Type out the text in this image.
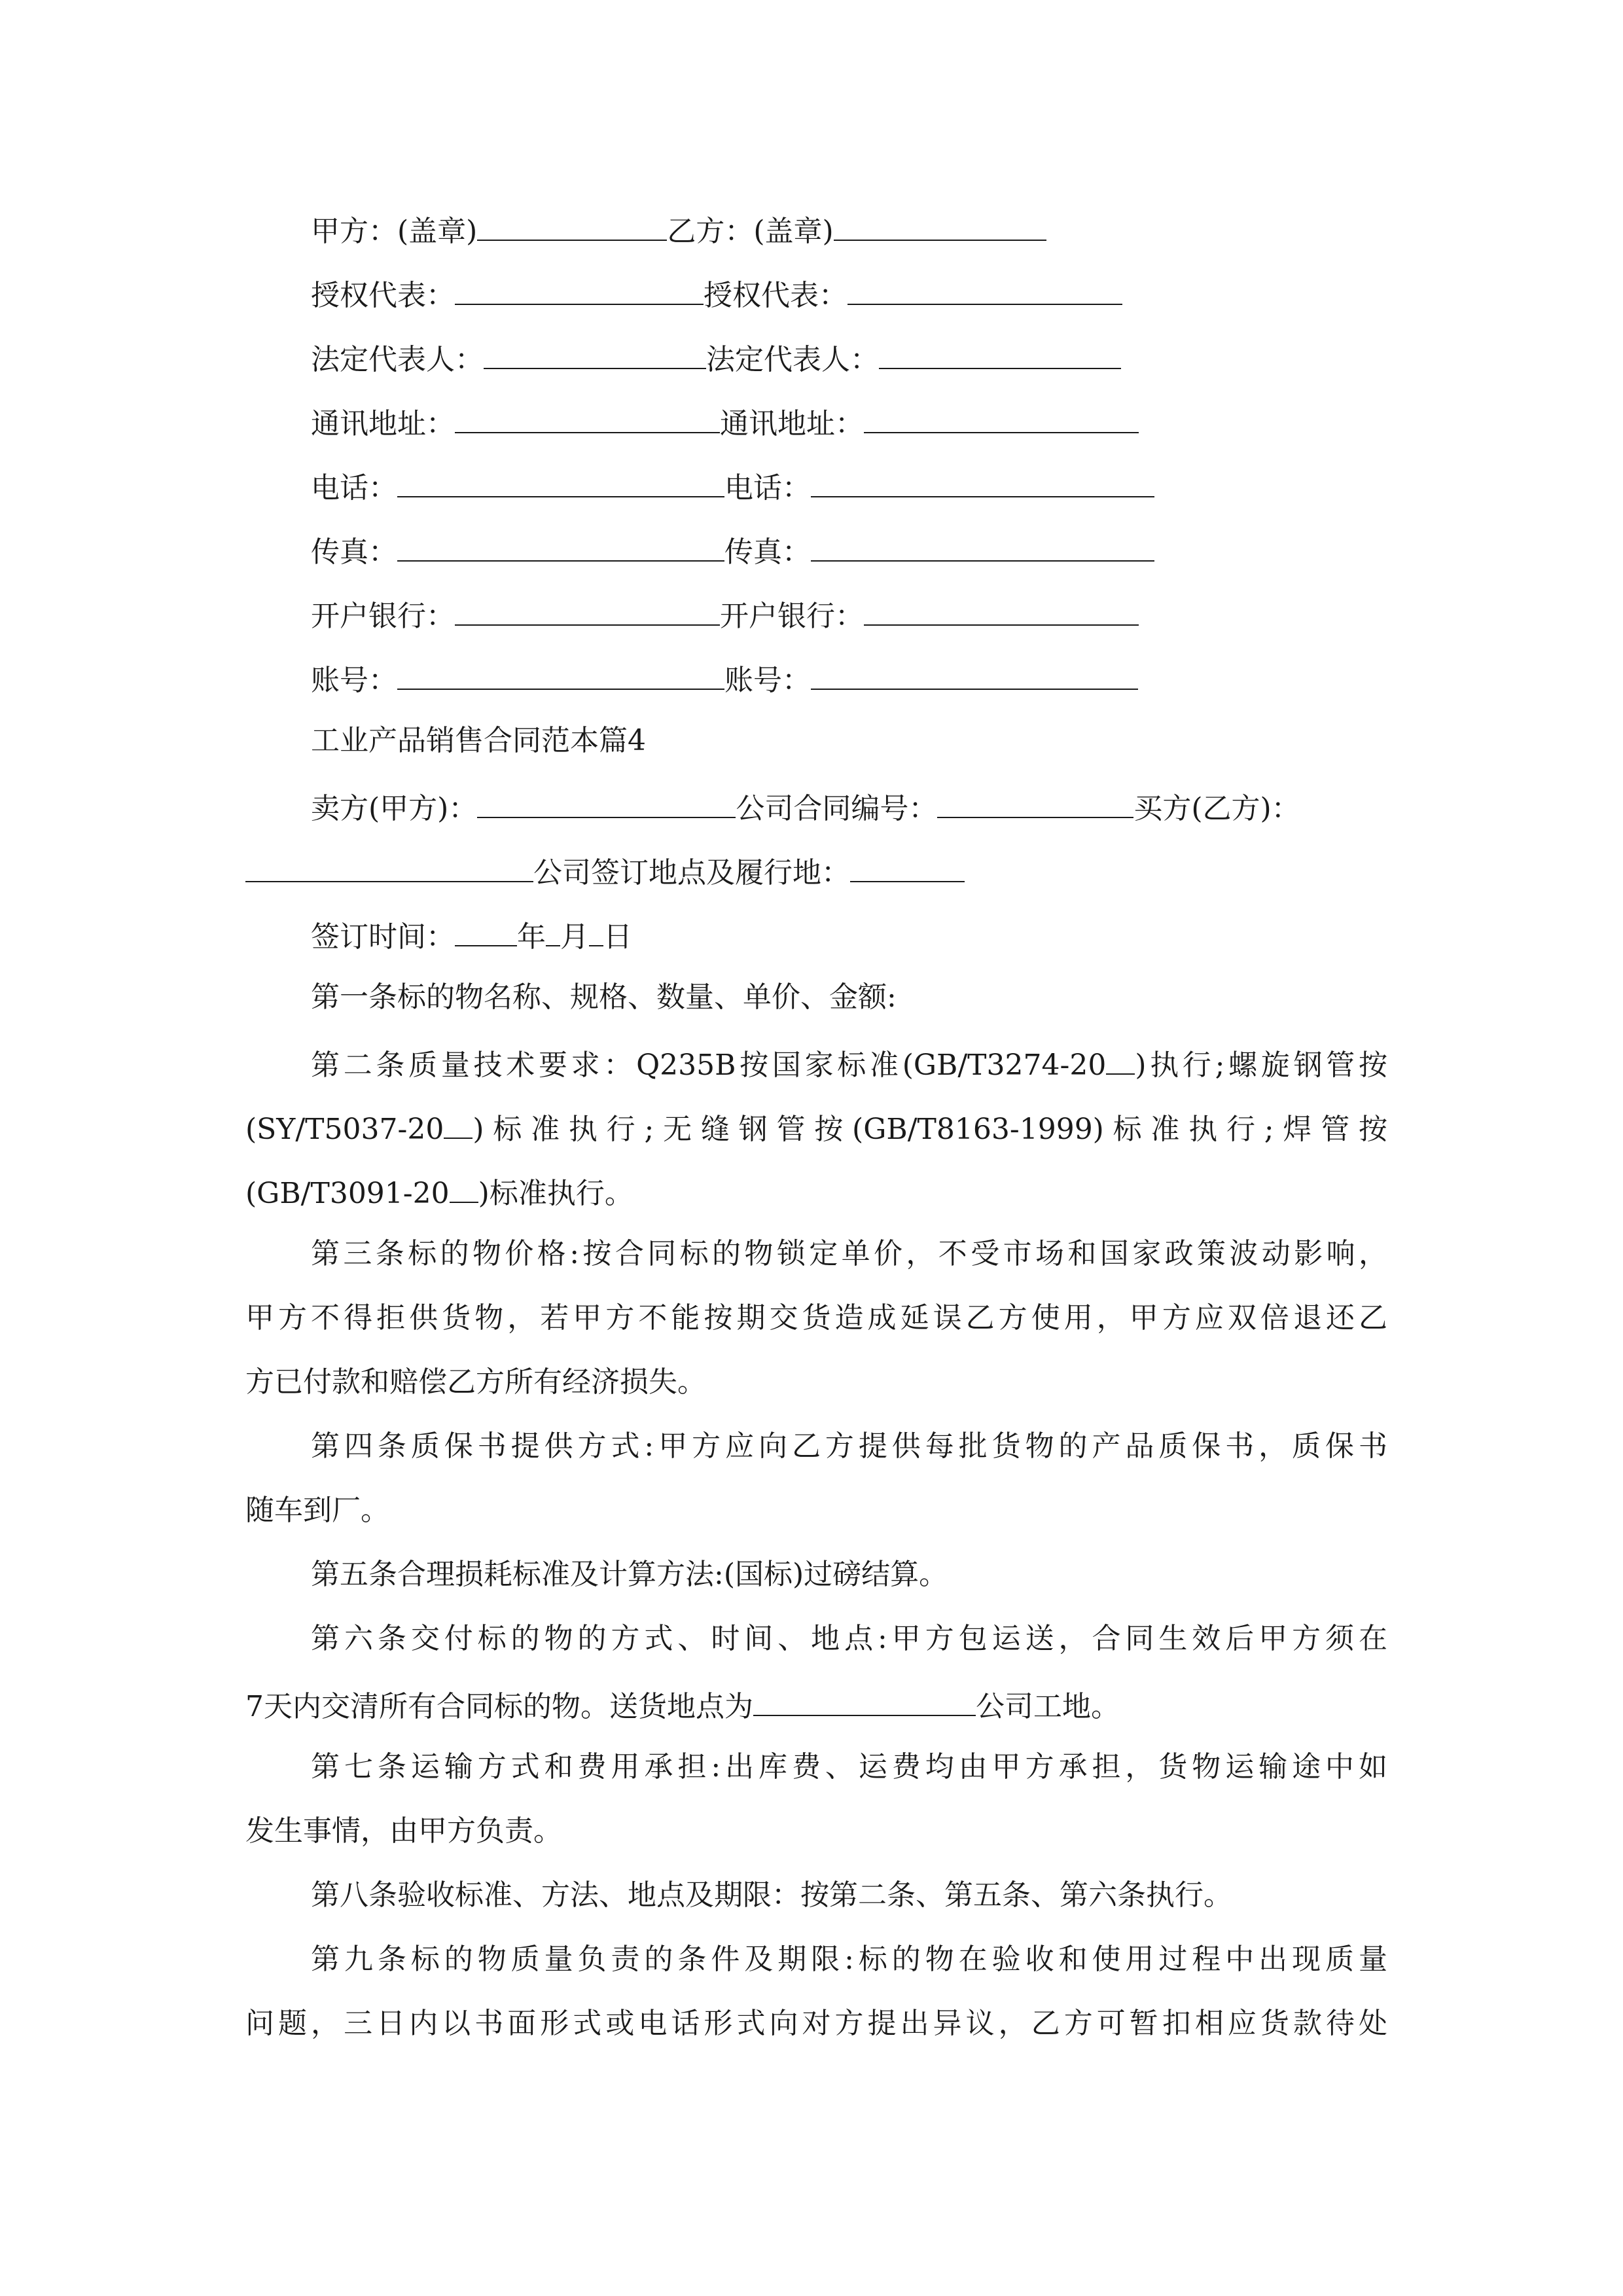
甲方：(盖章)	乙方：(盖章)
授权代表：	授权代表：
法定代表人：	法定代表人：
通讯地址：	通讯地址：
电话：	电话：
传真：	传真：
开户银行：	开户银行：
账号：	账号：
工业产品销售合同范本篇4
卖方(甲方)：	公司合同编号：	买方(乙方)：
公司签订地点及履行地：
签订时间： 年 月 日
第一条标的物名称、规格、数量、单价、金额:
第二条质量技术要求：Q235B按国家标准(GB/T3274-20 )执行;螺旋钢管按
(SY/T5037-20 )标准执行;无缝钢管按(GB/T8163-1999)标准执行;焊管按
(GB/T3091-20 )标准执行。
第三条标的物价格:按合同标的物锁定单价，不受市场和国家政策波动影响，
甲方不得拒供货物，若甲方不能按期交货造成延误乙方使用，甲方应双倍退还乙
方已付款和赔偿乙方所有经济损失。
第四条质保书提供方式:甲方应向乙方提供每批货物的产品质保书，质保书
随车到厂。
第五条合理损耗标准及计算方法:(国标)过磅结算。
第六条交付标的物的方式、时间、地点:甲方包运送，合同生效后甲方须在
7天内交清所有合同标的物。送货地点为	公司工地。
第七条运输方式和费用承担:出库费、运费均由甲方承担，货物运输途中如
发生事情，由甲方负责。
第八条验收标准、方法、地点及期限：按第二条、第五条、第六条执行。
第九条标的物质量负责的条件及期限:标的物在验收和使用过程中出现质量
问题，三日内以书面形式或电话形式向对方提出异议，乙方可暂扣相应货款待处
